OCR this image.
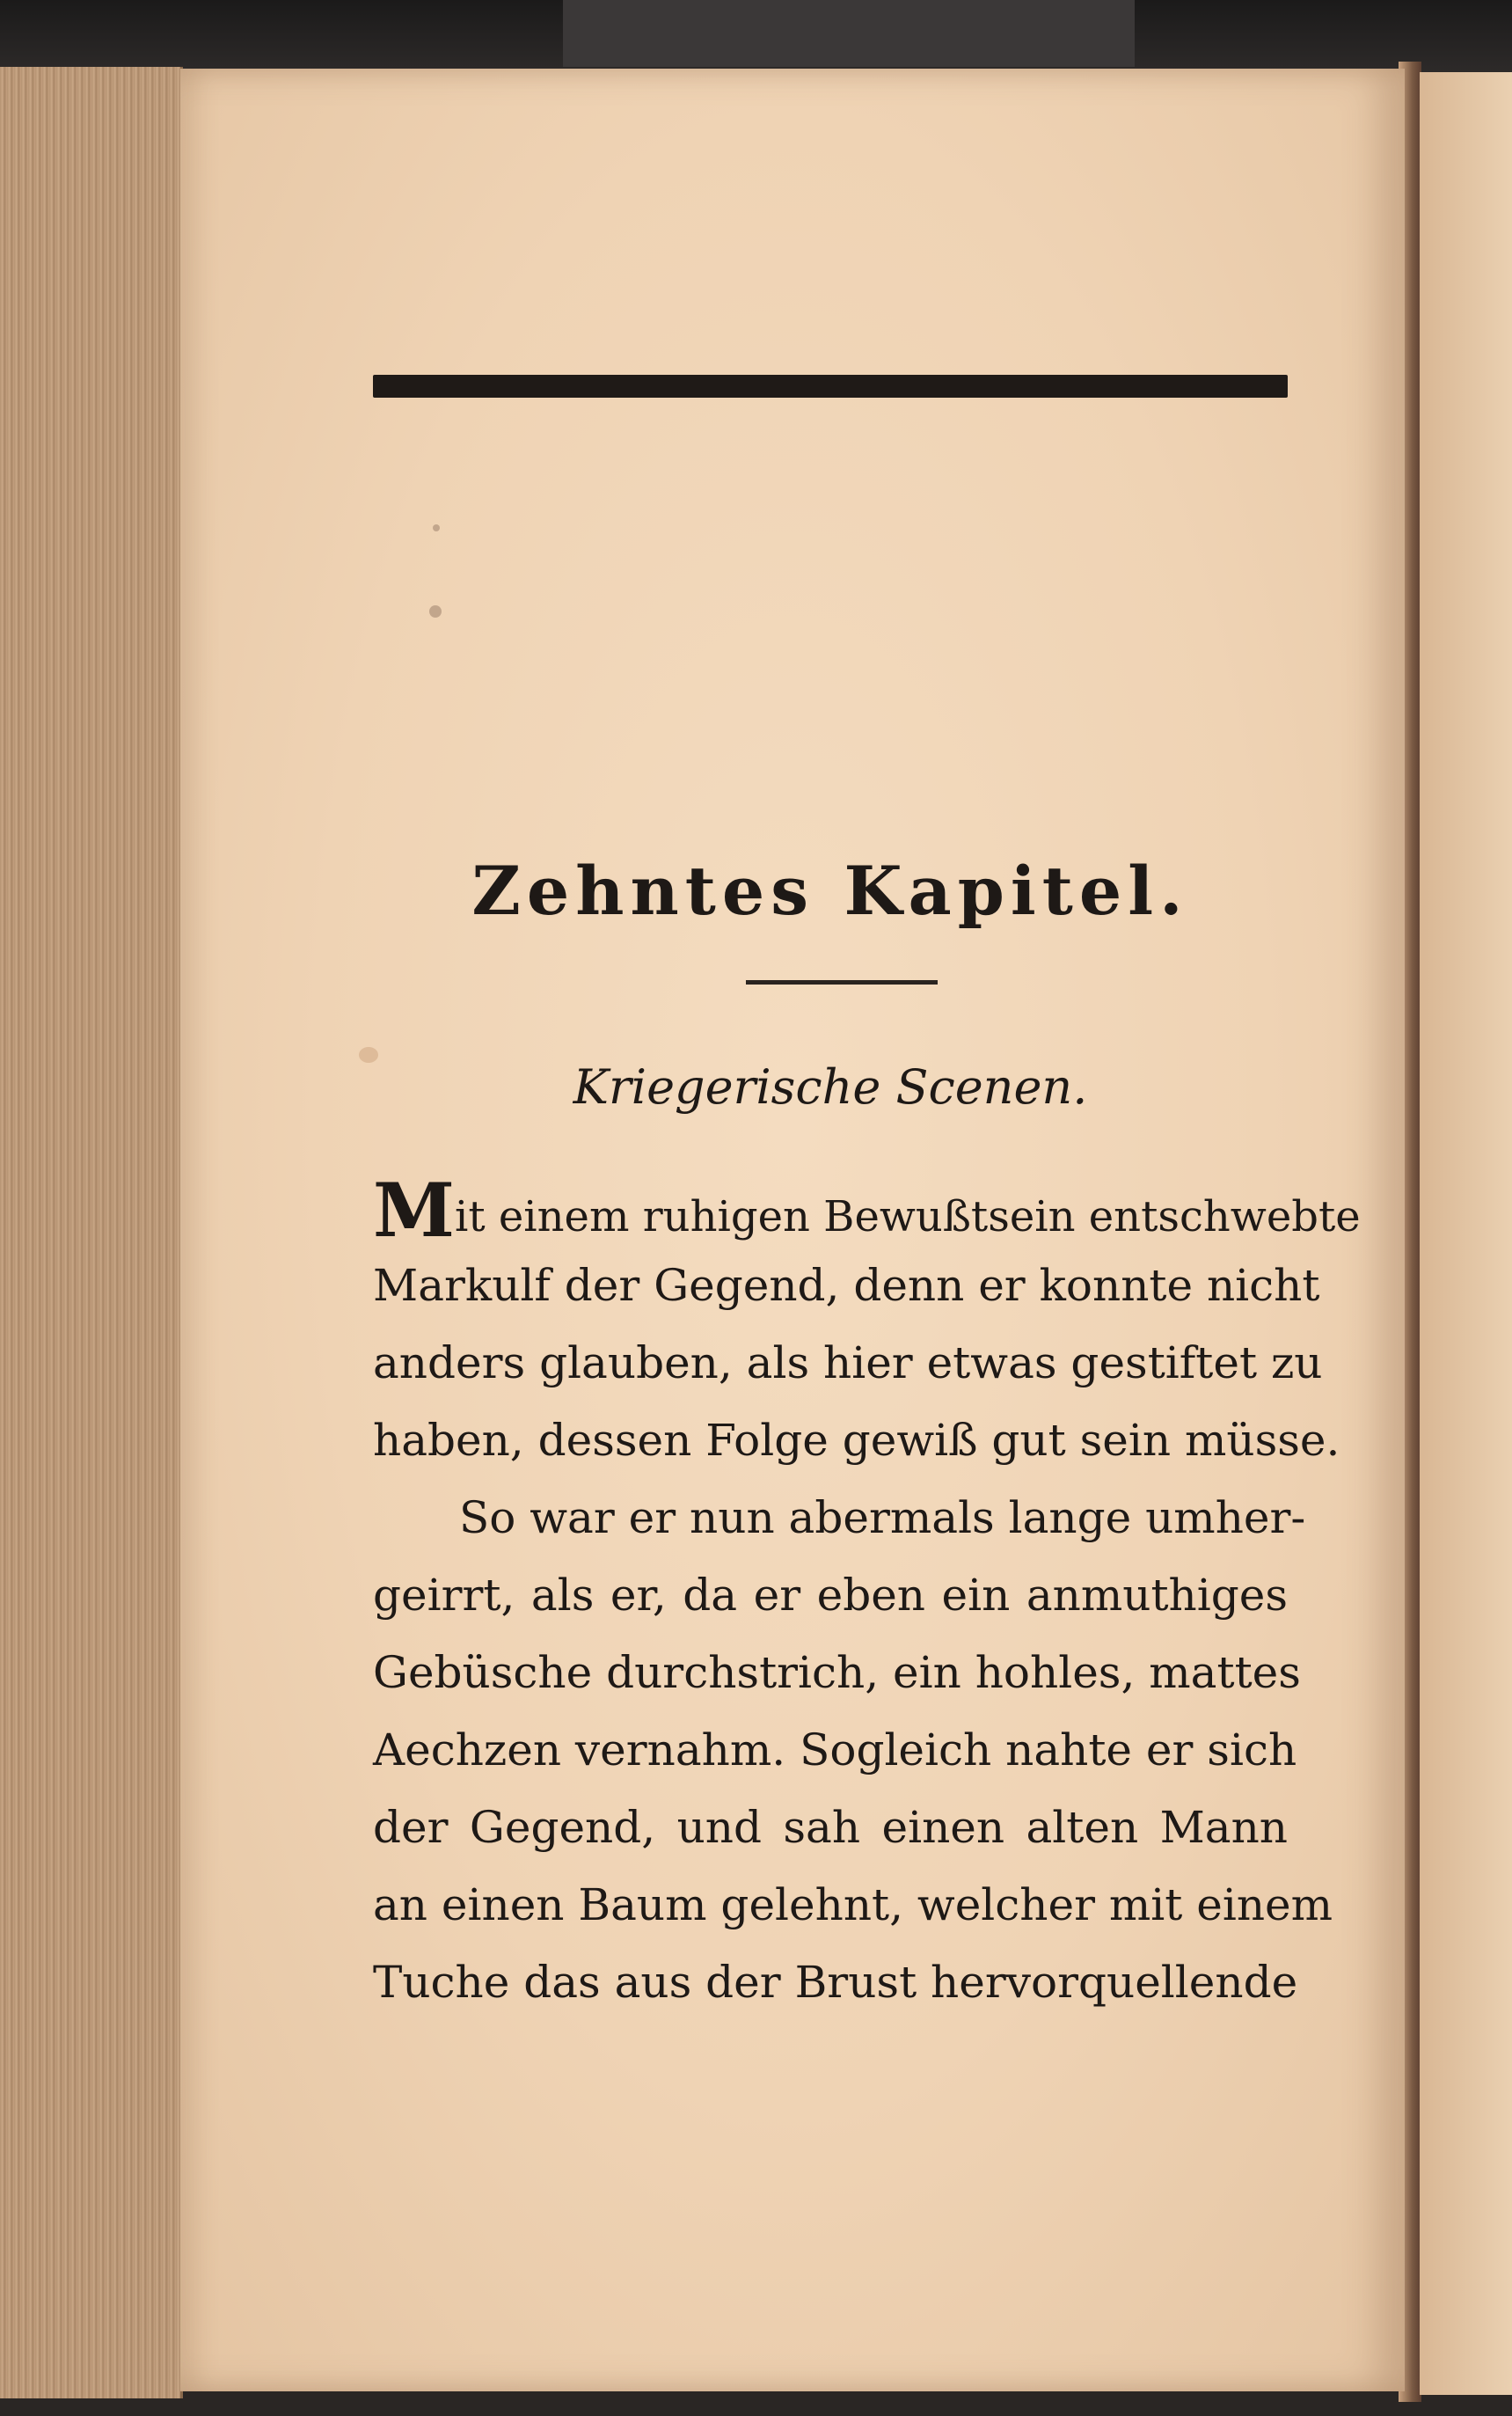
Zehntes Kapitel.
Kriegerische Scenen.
Mit einem ruhigen Bewußtsein entschwebte
Markulf der Gegend, denn er konnte nicht
anders glauben, als hier etwas gestiftet zu
haben, dessen Folge gewiß gut sein müsse.
So war er nun abermals lange umher-
geirrt, als er, da er eben ein anmuthiges
Gebüsche durchstrich, ein hohles, mattes
Aechzen vernahm. Sogleich nahte er sich
der Gegend, und sah einen alten Mann
an einen Baum gelehnt, welcher mit einem
Tuche das aus der Brust hervorquellende
